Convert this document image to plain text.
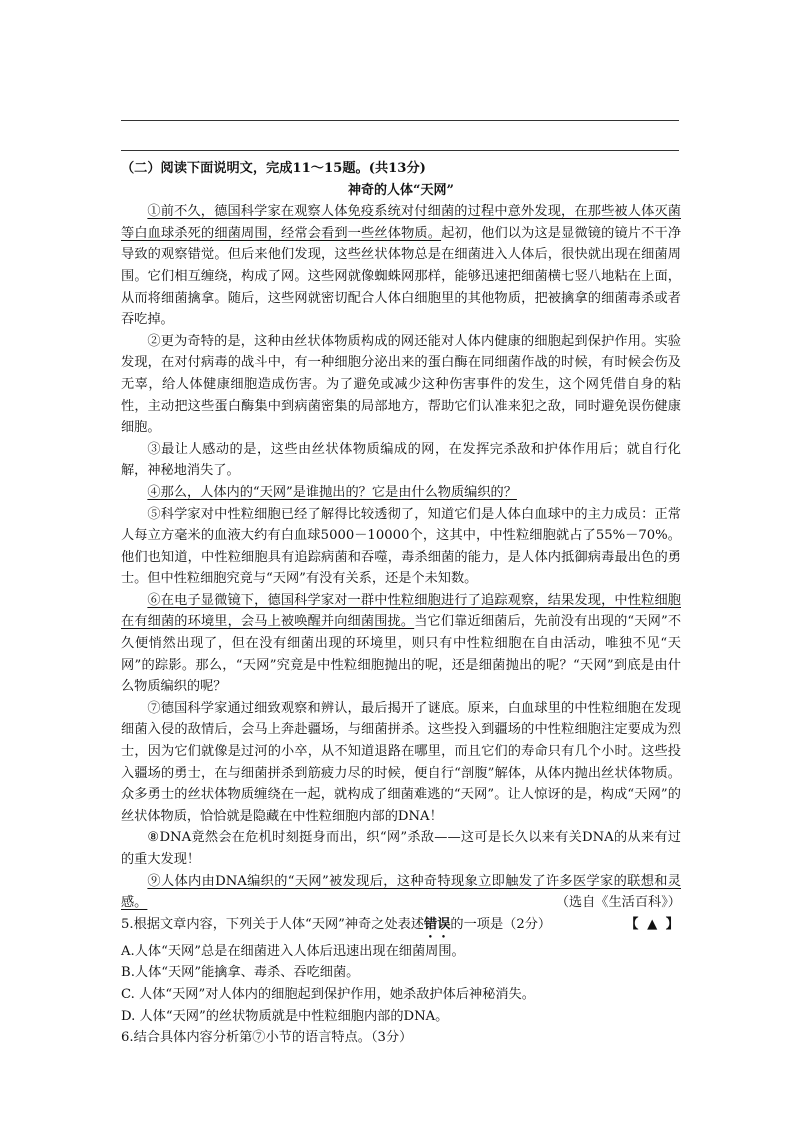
（二）阅读下面说明文，完成11～15题。(共13分)

神奇的人体“天网”

①前不久，德国科学家在观察人体免疫系统对付细菌的过程中意外发现，在那些被人体灭菌等白血球杀死的细菌周围，经常会看到一些丝体物质。起初，他们以为这是显微镜的镜片不干净导致的观察错觉。但后来他们发现，这些丝状体物总是在细菌进入人体后，很快就出现在细菌周围。它们相互缠绕，构成了网。这些网就像蜘蛛网那样，能够迅速把细菌横七竖八地粘在上面，从而将细菌擒拿。随后，这些网就密切配合人体白细胞里的其他物质，把被擒拿的细菌毒杀或者吞吃掉。

②更为奇特的是，这种由丝状体物质构成的网还能对人体内健康的细胞起到保护作用。实验发现，在对付病毒的战斗中，有一种细胞分泌出来的蛋白酶在同细菌作战的时候，有时候会伤及无辜，给人体健康细胞造成伤害。为了避免或减少这种伤害事件的发生，这个网凭借自身的粘性，主动把这些蛋白酶集中到病菌密集的局部地方，帮助它们认准来犯之敌，同时避免误伤健康细胞。

③最让人感动的是，这些由丝状体物质编成的网，在发挥完杀敌和护体作用后；就自行化解，神秘地消失了。

④那么，人体内的“天网”是谁抛出的？它是由什么物质编织的？

⑤科学家对中性粒细胞已经了解得比较透彻了，知道它们是人体白血球中的主力成员：正常人每立方毫米的血液大约有白血球5000－10000个，这其中，中性粒细胞就占了55%－70%。他们也知道，中性粒细胞具有追踪病菌和吞噬，毒杀细菌的能力，是人体内抵御病毒最出色的勇士。但中性粒细胞究竟与“天网”有没有关系，还是个未知数。

⑥在电子显微镜下，德国科学家对一群中性粒细胞进行了追踪观察，结果发现，中性粒细胞在有细菌的环境里，会马上被唤醒并向细菌围拢。当它们靠近细菌后，先前没有出现的“天网”不久便悄然出现了，但在没有细菌出现的环境里，则只有中性粒细胞在自由活动，唯独不见“天网”的踪影。那么，“天网”究竟是中性粒细胞抛出的呢，还是细菌抛出的呢？“天网”到底是由什么物质编织的呢？

⑦德国科学家通过细致观察和辨认，最后揭开了谜底。原来，白血球里的中性粒细胞在发现细菌入侵的敌情后，会马上奔赴疆场，与细菌拼杀。这些投入到疆场的中性粒细胞注定要成为烈士，因为它们就像是过河的小卒，从不知道退路在哪里，而且它们的寿命只有几个小时。这些投入疆场的勇士，在与细菌拼杀到筋疲力尽的时候，便自行“剖腹”解体，从体内抛出丝状体物质。众多勇士的丝状体物质缠绕在一起，就构成了细菌难逃的“天网”。让人惊讶的是，构成“天网”的丝状体物质，恰恰就是隐藏在中性粒细胞内部的DNA！

⑧DNA竟然会在危机时刻挺身而出，织“网”杀敌——这可是长久以来有关DNA的从来有过的重大发现！

⑨人体内由DNA编织的“天网”被发现后，这种奇特现象立即触发了许多医学家的联想和灵感。	（选自《生活百科》）

5.根据文章内容，下列关于人体“天网”神奇之处表述错误的一项是（2分）	【 ▲ 】

A.人体“天网”总是在细菌进入人体后迅速出现在细菌周围。

B.人体“天网”能擒拿、毒杀、吞吃细菌。

C. 人体“天网”对人体内的细胞起到保护作用，她杀敌护体后神秘消失。

D. 人体“天网”的丝状物质就是中性粒细胞内部的DNA。

6.结合具体内容分析第⑦小节的语言特点。（3分）
